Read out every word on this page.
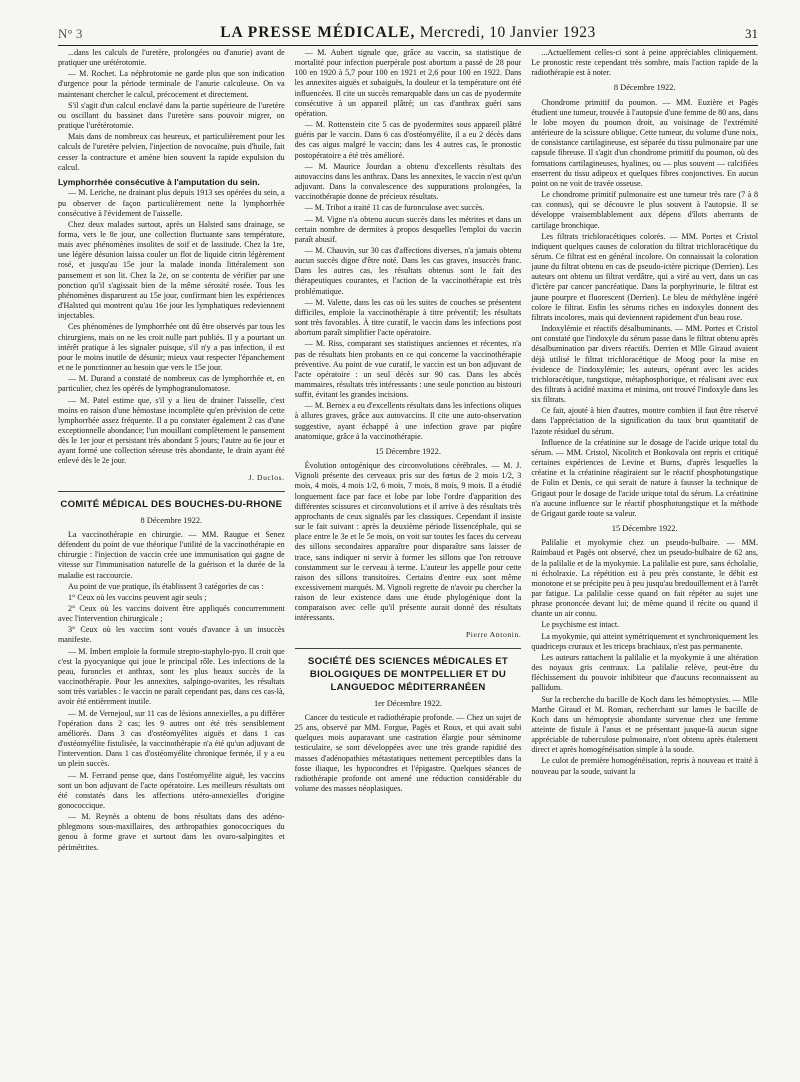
N° 3	LA PRESSE MÉDICALE, Mercredi, 10 Janvier 1923	31

...dans les calculs de l'uretère, prolongées ou d'anurie) avant de pratiquer une urétérotomie.

— M. Rochet. La néphrotomie ne garde plus que son indication d'urgence pour la période terminale de l'anurie calculeuse. On va maintenant chercher le calcul, précocement et directement.

S'il s'agit d'un calcul enclavé dans la partie supérieure de l'uretère ou oscillant du bassinet dans l'uretère sans pouvoir migrer, on pratique l'urétérotomie.

Mais dans de nombreux cas heureux, et particulièrement pour les calculs de l'uretère pelvien, l'injection de novocaïne, puis d'huile, fait cesser la contracture et amène bien souvent la rapide expulsion du calcul.

Lymphorrhée consécutive à l'amputation du sein.

— M. Leriche, ne drainant plus depuis 1913 ses opérées du sein, a pu observer de façon particulièrement nette la lymphorrhée consécutive à l'évidement de l'aisselle.

Chez deux malades surtout, après un Halsted sans drainage, se forma, vers le 8e jour, une collection fluctuante sans température, mais avec phénomènes insolites de soif et de lassitude. Chez la 1re, une légère désunion laissa couler un flot de liquide citrin légèrement rosé, et jusqu'au 15e jour la malade inonda littéralement son pansement et son lit. Chez la 2e, on se contenta de vérifier par une ponction qu'il s'agissait bien de la même sérosité rosée. Tous les phénomènes disparurent au 15e jour, confirmant bien les expériences d'Halsted qui montrent qu'au 16e jour les lymphatiques redeviennent injectables.

Ces phénomènes de lymphorrhée ont dû être observés par tous les chirurgiens, mais on ne les croit nulle part publiés. Il y a pourtant un intérêt pratique à les signaler puisque, s'il n'y a pas infection, il est pour le moins inutile de désunir; mieux vaut respecter l'épanchement et ne le ponctionner au besoin que vers le 15e jour.

— M. Durand a constaté de nombreux cas de lymphorrhée et, en particulier, chez les opérés de lymphogranulomatose.

— M. Patel estime que, s'il y a lieu de drainer l'aisselle, c'est moins en raison d'une hémostase incomplète qu'en prévision de cette lymphorrhée assez fréquente. Il a pu constater également 2 cas d'une exceptionnelle abondance; l'un mouillant complètement le pansement dès le 1er jour et persistant très abondant 5 jours; l'autre au 6e jour et ayant formé une collection séreuse très abondante, le drain ayant été enlevé dès le 2e jour.

J. Duclos.

COMITÉ MÉDICAL DES BOUCHES-DU-RHONE

8 Décembre 1922.

La vaccinothérapie en chirurgie. — MM. Raugue et Senez défendent du point de vue théorique l'utilité de la vaccinothérapie en chirurgie : l'injection de vaccin crée une immunisation qui gagne de vitesse sur l'immunisation naturelle de la guérison et la durée de la maladie est raccourcie.

Au point de vue pratique, ils établissent 3 catégories de cas :

1° Ceux où les vaccins peuvent agir seuls ;

2° Ceux où les vaccins doivent être appliqués concurremment avec l'intervention chirurgicale ;

3° Ceux où les vaccins sont voués d'avance à un insuccès manifeste.

— M. Imbert emploie la formule strepto-staphylo-pyo. Il croit que c'est la pyocyanique qui joue le principal rôle. Les infections de la peau, furoncles et anthrax, sont les plus beaux succès de la vaccinothérapie. Pour les annexites, salpingo-ovarites, les résultats sont très variables : le vaccin ne paraît cependant pas, dans ces cas-là, avoir été entièrement inutile.

— M. de Vernejoul, sur 11 cas de lésions annexielles, a pu différer l'opération dans 2 cas; les 9 autres ont été très sensiblement améliorés. Dans 3 cas d'ostéomyélites aiguës et dans 1 cas d'ostéomyélite fistulisée, la vaccinothérapie n'a été qu'un adjuvant de l'intervention. Dans 1 cas d'ostéomyélite chronique fermée, il y a eu un plein succès.

— M. Ferrand pense que, dans l'ostéomyélite aiguë, les vaccins sont un bon adjuvant de l'acte opératoire. Les meilleurs résultats ont été constatés dans les affections utéro-annexielles d'origine gonococcique.

— M. Reynès a obtenu de bons résultats dans des adéno-phlegmons sous-maxillaires, des arthropathies gonococciques du genou à forme grave et surtout dans les ovaro-salpingites et périmétrites.

— M. Aubert signale que, grâce au vaccin, sa statistique de mortalité pour infection puerpérale post abortum a passé de 28 pour 100 en 1920 à 5,7 pour 100 en 1921 et 2,6 pour 100 en 1922. Dans les annexites aiguës et subaiguës, la douleur et la température ont été influencées. Il cite un succès remarquable dans un cas de pyodermite consécutive à un appareil plâtré; un cas d'anthrax guéri sans opération.

— M. Rottenstein cite 5 cas de pyodermites sous appareil plâtré guéris par le vaccin. Dans 6 cas d'ostéomyélite, il a eu 2 décès dans des cas aigus malgré le vaccin; dans les 4 autres cas, le pronostic postopératoire a été très amélioré.

— M. Maurice Jourdan a obtenu d'excellents résultats des autovaccins dans les anthrax. Dans les annexites, le vaccin n'est qu'un adjuvant. Dans la convalescence des suppurations prolongées, la vaccinothérapie donne de précieux résultats.

— M. Tribot a traité 11 cas de furonculose avec succès.

— M. Vigne n'a obtenu aucun succès dans les métrites et dans un certain nombre de dermites à propos desquelles l'emploi du vaccin paraît abusif.

— M. Chauvin, sur 30 cas d'affections diverses, n'a jamais obtenu aucun succès digne d'être noté. Dans les cas graves, insuccès franc. Dans les autres cas, les résultats obtenus sont le fait des thérapeutiques courantes, et l'action de la vaccinothérapie est très problématique.

— M. Valette, dans les cas où les suites de couches se présentent difficiles, emploie la vaccinothérapie à titre préventif; les résultats sont très favorables. À titre curatif, le vaccin dans les infections post abortum paraît simplifier l'acte opératoire.

— M. Riss, comparant ses statistiques anciennes et récentes, n'a pas de résultats bien probants en ce qui concerne la vaccinothérapie préventive. Au point de vue curatif, le vaccin est un bon adjuvant de l'acte opératoire : un seul décès sur 90 cas. Dans les abcès mammaires, résultats très intéressants : une seule ponction au bistouri suffit, évitant les grandes incisions.

— M. Bernex a eu d'excellents résultats dans les infections oliques à allures graves, grâce aux autovaccins. Il cite une auto-observation suggestive, ayant échappé à une infection grave par piqûre anatomique, grâce à la vaccinothérapie.

15 Décembre 1922.

Évolution ontogénique des circonvolutions cérébrales. — M. J. Vignoli présente des cerveaux pris sur des fœtus de 2 mois 1/2, 3 mois, 4 mois, 4 mois 1/2, 6 mois, 7 mois, 8 mois, 9 mois. Il a étudié longuement face par face et lobe par lobe l'ordre d'apparition des différentes scissures et circonvolutions et il arrive à des résultats très approchants de ceux signalés par les classiques. Cependant il insiste sur le fait suivant : après la deuxième période lissencéphale, qui se place entre le 3e et le 5e mois, on voit sur toutes les faces du cerveau des sillons secondaires apparaître pour disparaître sans laisser de trace, sans indiquer ni servir à former les sillons que l'on retrouve constamment sur le cerveau à terme. L'auteur les appelle pour cette raison des sillons transitoires. Certains d'entre eux sont même excessivement marqués. M. Vignoli regrette de n'avoir pu chercher la raison de leur existence dans une étude phylogénique dont la comparaison avec celle qu'il présente aurait donné des résultats intéressants.

Pierre Antonin.

SOCIÉTÉ DES SCIENCES MÉDICALES ET BIOLOGIQUES DE MONTPELLIER ET DU LANGUEDOC MÉDITERRANÉEN

1er Décembre 1922.

Cancer du testicule et radiothérapie profonde. — Chez un sujet de 25 ans, observé par MM. Forgue, Pagès et Roux, et qui avait subi quelques mois auparavant une castration élargie pour séminome testiculaire, se sont développées avec une très grande rapidité des masses d'adénopathies métastatiques nettement perceptibles dans la fosse iliaque, les hypocondres et l'épigastre. Quelques séances de radiothérapie profonde ont amené une réduction considérable du volume des masses néoplasiques.

...Actuellement celles-ci sont à peine appréciables cliniquement. Le pronostic reste cependant très sombre, mais l'action rapide de la radiothérapie est à noter.

8 Décembre 1922.

Chondrome primitif du poumon. — MM. Euzière et Pagès étudient une tumeur, trouvée à l'autopsie d'une femme de 80 ans, dans le lobe moyen du poumon droit, au voisinage de l'extrémité antérieure de la scissure oblique. Cette tumeur, du volume d'une noix, de consistance cartilagineuse, est séparée du tissu pulmonaire par une capsule fibreuse. Il s'agit d'un chondrome primitif du poumon, où des formations cartilagineuses, hyalines, ou — plus souvent — calcifiées enserrent du tissu adipeux et quelques fibres conjonctives. En aucun point on ne voit de travée osseuse.

Le chondrome primitif pulmonaire est une tumeur très rare (7 à 8 cas connus), qui se découvre le plus souvent à l'autopsie. Il se développe vraisemblablement aux dépens d'îlots aberrants de cartilage bronchique.

Les filtrats trichloracétiques colorés. — MM. Portes et Cristol indiquent quelques causes de coloration du filtrat trichloracétique du sérum. Ce filtrat est en général incolore. On connaissait la coloration jaune du filtrat obtenu en cas de pseudo-ictère picrique (Derrien). Les auteurs ont obtenu un filtrat verdâtre, qui a viré au vert, dans un cas d'ictère par cancer pancréatique. Dans la porphyrinurie, le filtrat est jaune pourpre et fluorescent (Derrien). Le bleu de méthylène ingéré colore le filtrat. Enfin les sérums riches en indoxyles donnent des filtrats incolores, mais qui deviennent rapidement d'un beau rose.

Indoxylémie et réactifs désalbuminants. — MM. Portes et Cristol ont constaté que l'indoxyle du sérum passe dans le filtrat obtenu après désalbumination par divers réactifs. Derrien et Mlle Giraud avaient déjà utilisé le filtrat trichloracétique de Moog pour la mise en évidence de l'indoxylémie; les auteurs, opérant avec les acides trichloracétique, tungstique, métaphosphorique, et réalisant avec eux des filtrats à acidité maxima et minima, ont trouvé l'indoxyle dans les six filtrats.

Ce fait, ajouté à bien d'autres, montre combien il faut être réservé dans l'appréciation de la signification du taux brut quantitatif de l'azote résiduel du sérum.

Influence de la créatinine sur le dosage de l'acide urique total du sérum. — MM. Cristol, Nicolitch et Bonkovala ont repris et critiqué certaines expériences de Levine et Burns, d'après lesquelles la créatine et la créatinine réagiraient sur le réactif phosphotungstique de Folin et Denis, ce qui serait de nature à fausser la technique de Grigaut pour le dosage de l'acide urique total du sérum. La créatinine n'a aucune influence sur le réactif phosphotungstique et la méthode de Grigaut garde toute sa valeur.

15 Décembre 1922.

Palilalie et myokymie chez un pseudo-bulbaire. — MM. Raimbaud et Pagès ont observé, chez un pseudo-bulbaire de 62 ans, de la palilalie et de la myokymie. La palilalie est pure, sans écholalie, ni écholraxie. La répétition est à peu près constante, le débit est monotone et se précipite peu à peu jusqu'au bredouillement et à l'arrêt par fatigue. La palilalie cesse quand on fait répéter au sujet une phrase prononcée devant lui; de même quand il récite ou quand il chante un air connu.

Le psychisme est intact.

La myokymie, qui atteint symétriquement et synchroniquement les quadriceps cruraux et les triceps brachiaux, n'est pas permanente.

Les auteurs rattachent la palilalie et la myokymie à une altération des noyaux gris centraux. La palilalie relève, peut-être du fléchissement du pouvoir inhibiteur que d'aucuns reconnaissent au pallidum.

Sur la recherche du bacille de Koch dans les hémoptysies. — Mlle Marthe Giraud et M. Roman, recherchant sur lames le bacille de Koch dans un hémoptysie abondante survenue chez une femme atteinte de fistule à l'anus et ne présentant jusque-là aucun signe appréciable de tuberculose pulmonaire, n'ont obtenu après étalement direct et après homogénéisation simple à la soude.

Le culot de première homogénéisation, repris à nouveau et traité à nouveau par la soude, suivant la
